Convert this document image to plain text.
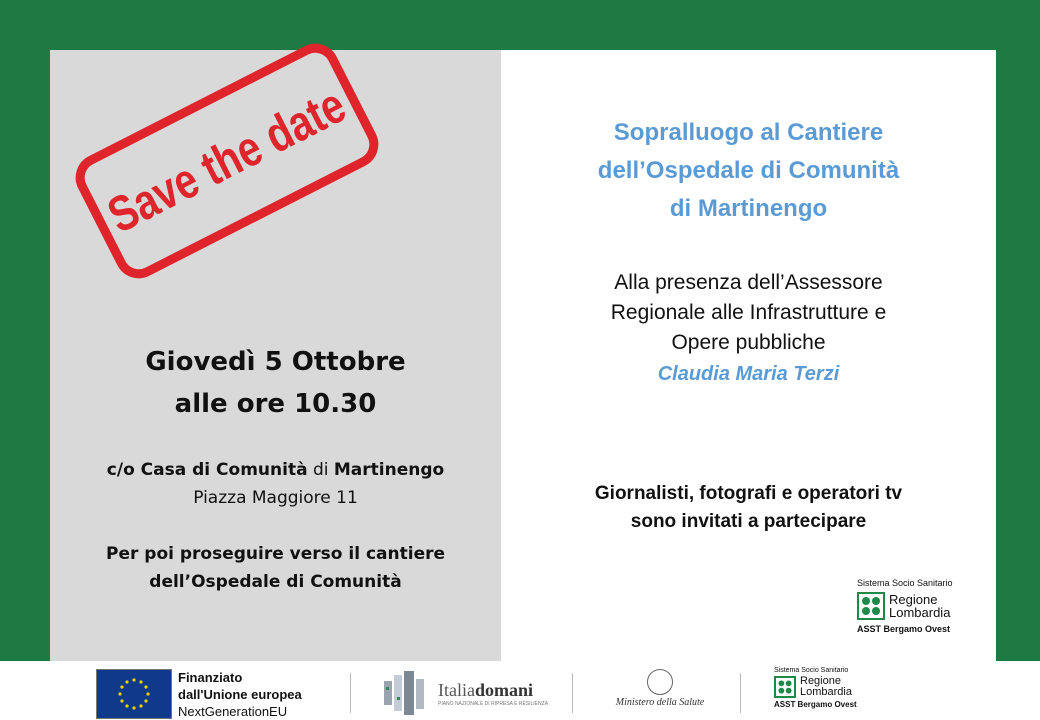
Save the date
Giovedì 5 Ottobre
alle ore 10.30
c/o Casa di Comunità di Martinengo
Piazza Maggiore 11
Per poi proseguire verso il cantiere
dell’Ospedale di Comunità
Sopralluogo al Cantiere
dell’Ospedale di Comunità
di Martinengo
Alla presenza dell’Assessore
Regionale alle Infrastrutture e
Opere pubbliche
Claudia Maria Terzi
Giornalisti, fotografi e operatori tv
sono invitati a partecipare
Sistema Socio Sanitario
Regione
Lombardia
ASST Bergamo Ovest
Finanziato
dall'Unione europea
NextGenerationEU
Italiadomani
PIANO NAZIONALE DI RIPRESA E RESILIENZA	Ministero della Salute
Sistema Socio Sanitario
Regione
Lombardia
ASST Bergamo Ovest
